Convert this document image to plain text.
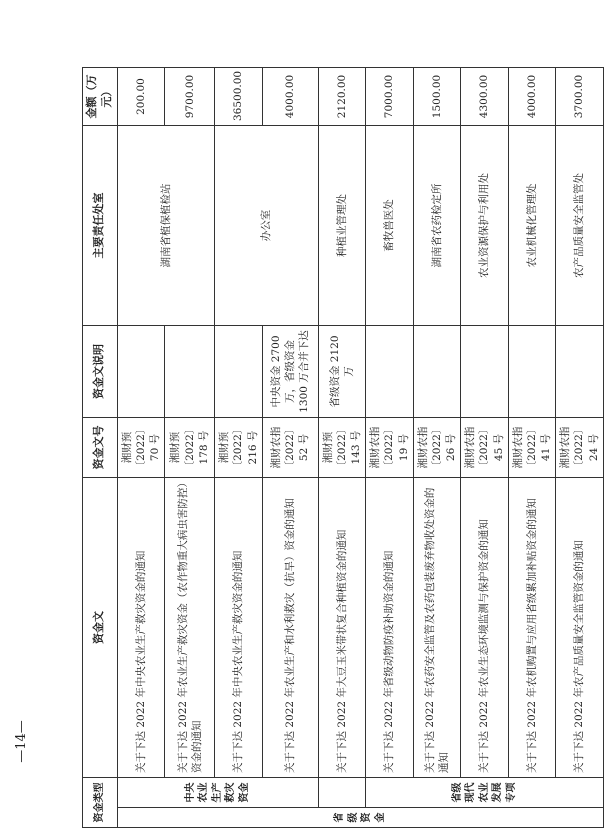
资金类型		资金文	资金文号	资金文说明	主要责任处室	金额（万元）
省级资金	中央农业生产救灾资金	关于下达 2022 年中央农业生产救灾资金的通知	湘财预〔2022〕70 号		湖南省植保植检站	200.00
		关于下达 2022 年农业生产救灾资金（农作物重大病虫害防控）资金的通知	湘财预〔2022〕178 号			9700.00
		关于下达 2022 年中央农业生产救灾资金的通知	湘财预〔2022〕216 号		办公室	36500.00
		关于下达 2022 年农业生产和水利救灾（抗旱）资金的通知	湘财农指〔2022〕52 号	中央资金 2700 万，省级资金 1300 万合并下达		4000.00
		关于下达 2022 年大豆玉米带状复合种植资金的通知	湘财预〔2022〕143 号	省级资金 2120 万	种植业管理处	2120.00
	省级现代农业发展专项	关于下达 2022 年省级动物防疫补助资金的通知	湘财农指〔2022〕19 号		畜牧兽医处	7000.00
		关于下达 2022 年农药安全监管及农药包装废弃物收处资金的通知	湘财农指〔2022〕26 号		湖南省农药检定所	1500.00
		关于下达 2022 年农业生态环境监测与保护资金的通知	湘财农指〔2022〕45 号		农业资源保护与利用处	4300.00
		关于下达 2022 年农机购置与应用省级累加补贴资金的通知	湘财农指〔2022〕41 号		农业机械化管理处	4000.00
		关于下达 2022 年农产品质量安全监管资金的通知	湘财农指〔2022〕24 号		农产品质量安全监管处	3700.00
—14—
